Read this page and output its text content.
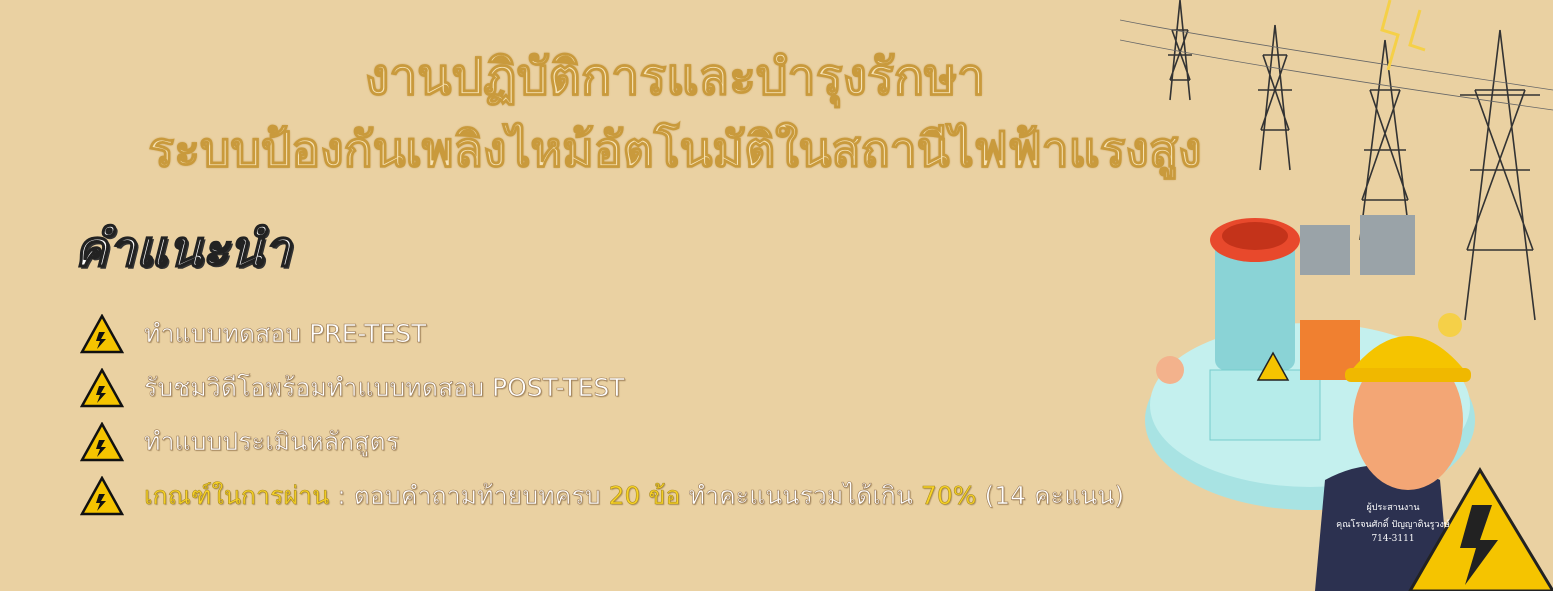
งานปฏิบัติการและบำรุงรักษา
ระบบป้องกันเพลิงไหม้อัตโนมัติในสถานีไฟฟ้าแรงสูง
คำแนะนำ
ทำแบบทดสอบ PRE-TEST
รับชมวิดีโอพร้อมทำแบบทดสอบ POST-TEST
ทำแบบประเมินหลักสูตร
เกณฑ์ในการผ่าน : ตอบคำถามท้ายบทครบ 20 ข้อ ทำคะแนนรวมได้เกิน 70% (14 คะแนน)	ผู้ประสานงาน
คุณโรจนศักดิ์ ปัญญาดินรูวงษ์
714-3111
